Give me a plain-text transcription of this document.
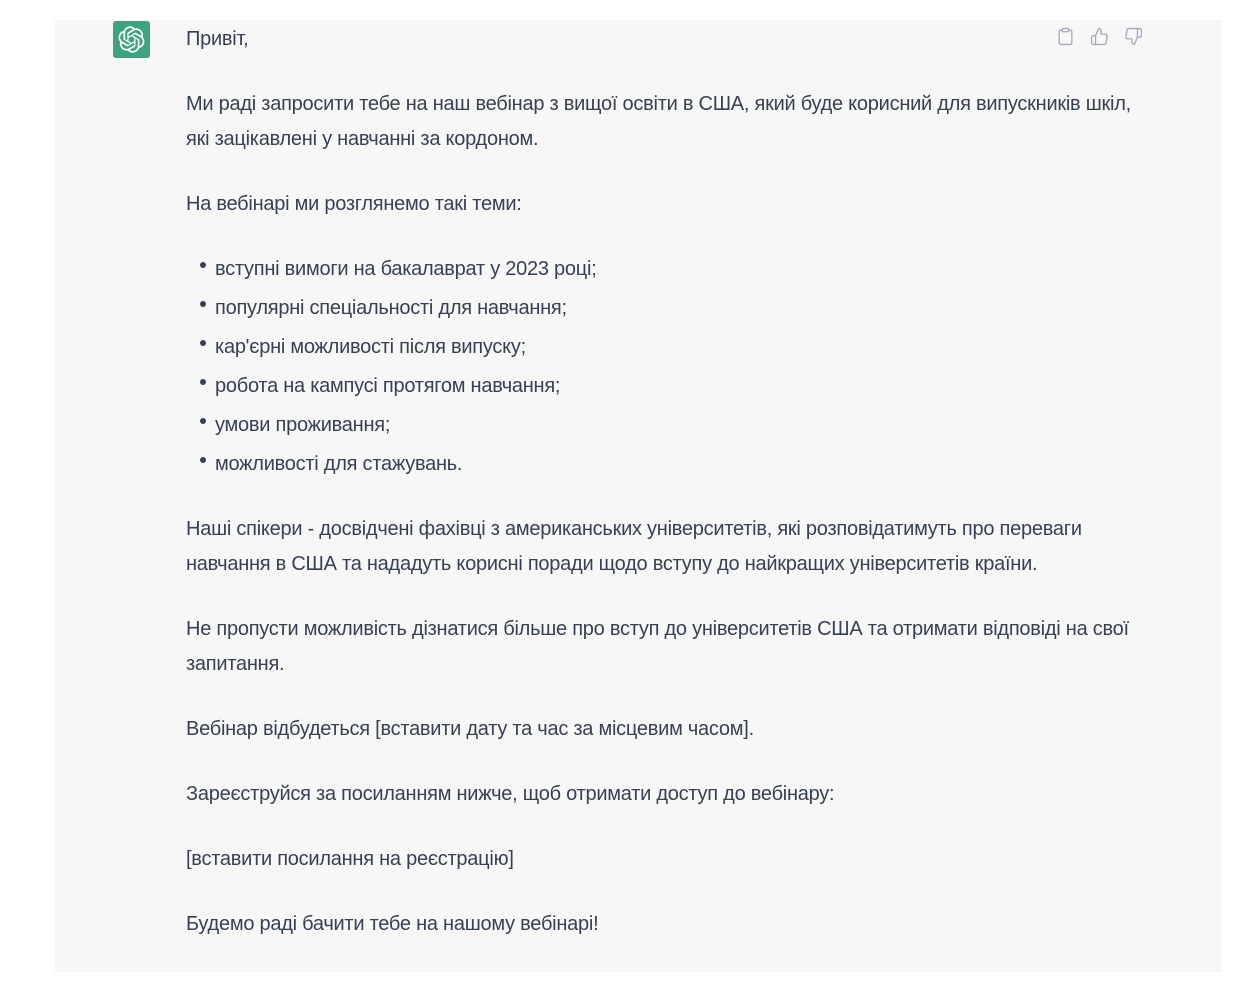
Привіт,

Ми раді запросити тебе на наш вебінар з вищої освіти в США, який буде корисний для випускників шкіл, які зацікавлені у навчанні за кордоном.

На вебінарі ми розглянемо такі теми:

вступні вимоги на бакалаврат у 2023 році;
популярні спеціальності для навчання;
кар'єрні можливості після випуску;
робота на кампусі протягом навчання;
умови проживання;
можливості для стажувань.

Наші спікери - досвідчені фахівці з американських університетів, які розповідатимуть про переваги навчання в США та нададуть корисні поради щодо вступу до найкращих університетів країни.

Не пропусти можливість дізнатися більше про вступ до університетів США та отримати відповіді на свої запитання.

Вебінар відбудеться [вставити дату та час за місцевим часом].

Зареєструйся за посиланням нижче, щоб отримати доступ до вебінару:

[вставити посилання на реєстрацію]

Будемо раді бачити тебе на нашому вебінарі!
